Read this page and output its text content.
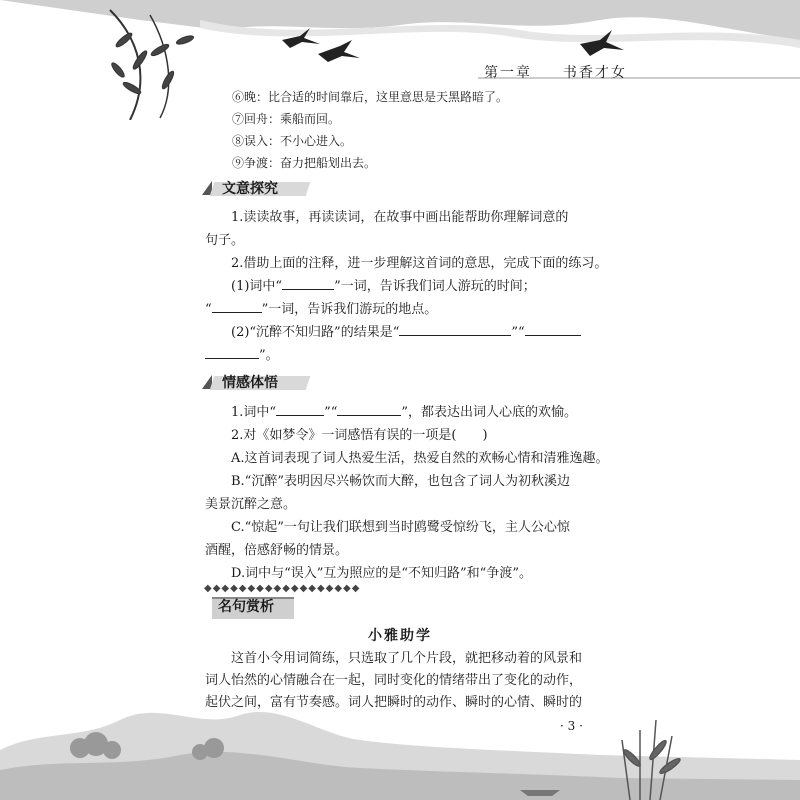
第一章 书香才女
⑥晚：比合适的时间靠后，这里意思是天黑路暗了。
⑦回舟：乘船而回。
⑧误入：不小心进入。
⑨争渡：奋力把船划出去。
文意探究
1.读读故事，再读读词，在故事中画出能帮助你理解词意的
句子。
2.借助上面的注释，进一步理解这首词的意思，完成下面的练习。
(1)词中“	”一词，告诉我们词人游玩的时间；
“	”一词，告诉我们游玩的地点。
(2)“沉醉不知归路”的结果是“	”“
”。
情感体悟
1.词中“	”“	”，都表达出词人心底的欢愉。
2.对《如梦令》一词感悟有误的一项是(　　)
A.这首词表现了词人热爱生活，热爱自然的欢畅心情和清雅逸趣。
B.“沉醉”表明因尽兴畅饮而大醉，也包含了词人为初秋溪边
美景沉醉之意。
C.“惊起”一句让我们联想到当时鸥鹭受惊纷飞，主人公心惊
酒醒，倍感舒畅的情景。
D.词中与“误入”互为照应的是“不知归路”和“争渡”。
◆◆◆◆◆◆◆◆◆◆◆◆◆◆◆◆◆◆
名句赏析
小雅助学
这首小令用词简练，只选取了几个片段，就把移动着的风景和
词人怡然的心情融合在一起，同时变化的情绪带出了变化的动作，
起伏之间，富有节奏感。词人把瞬时的动作、瞬时的心情、瞬时的
· 3 ·
